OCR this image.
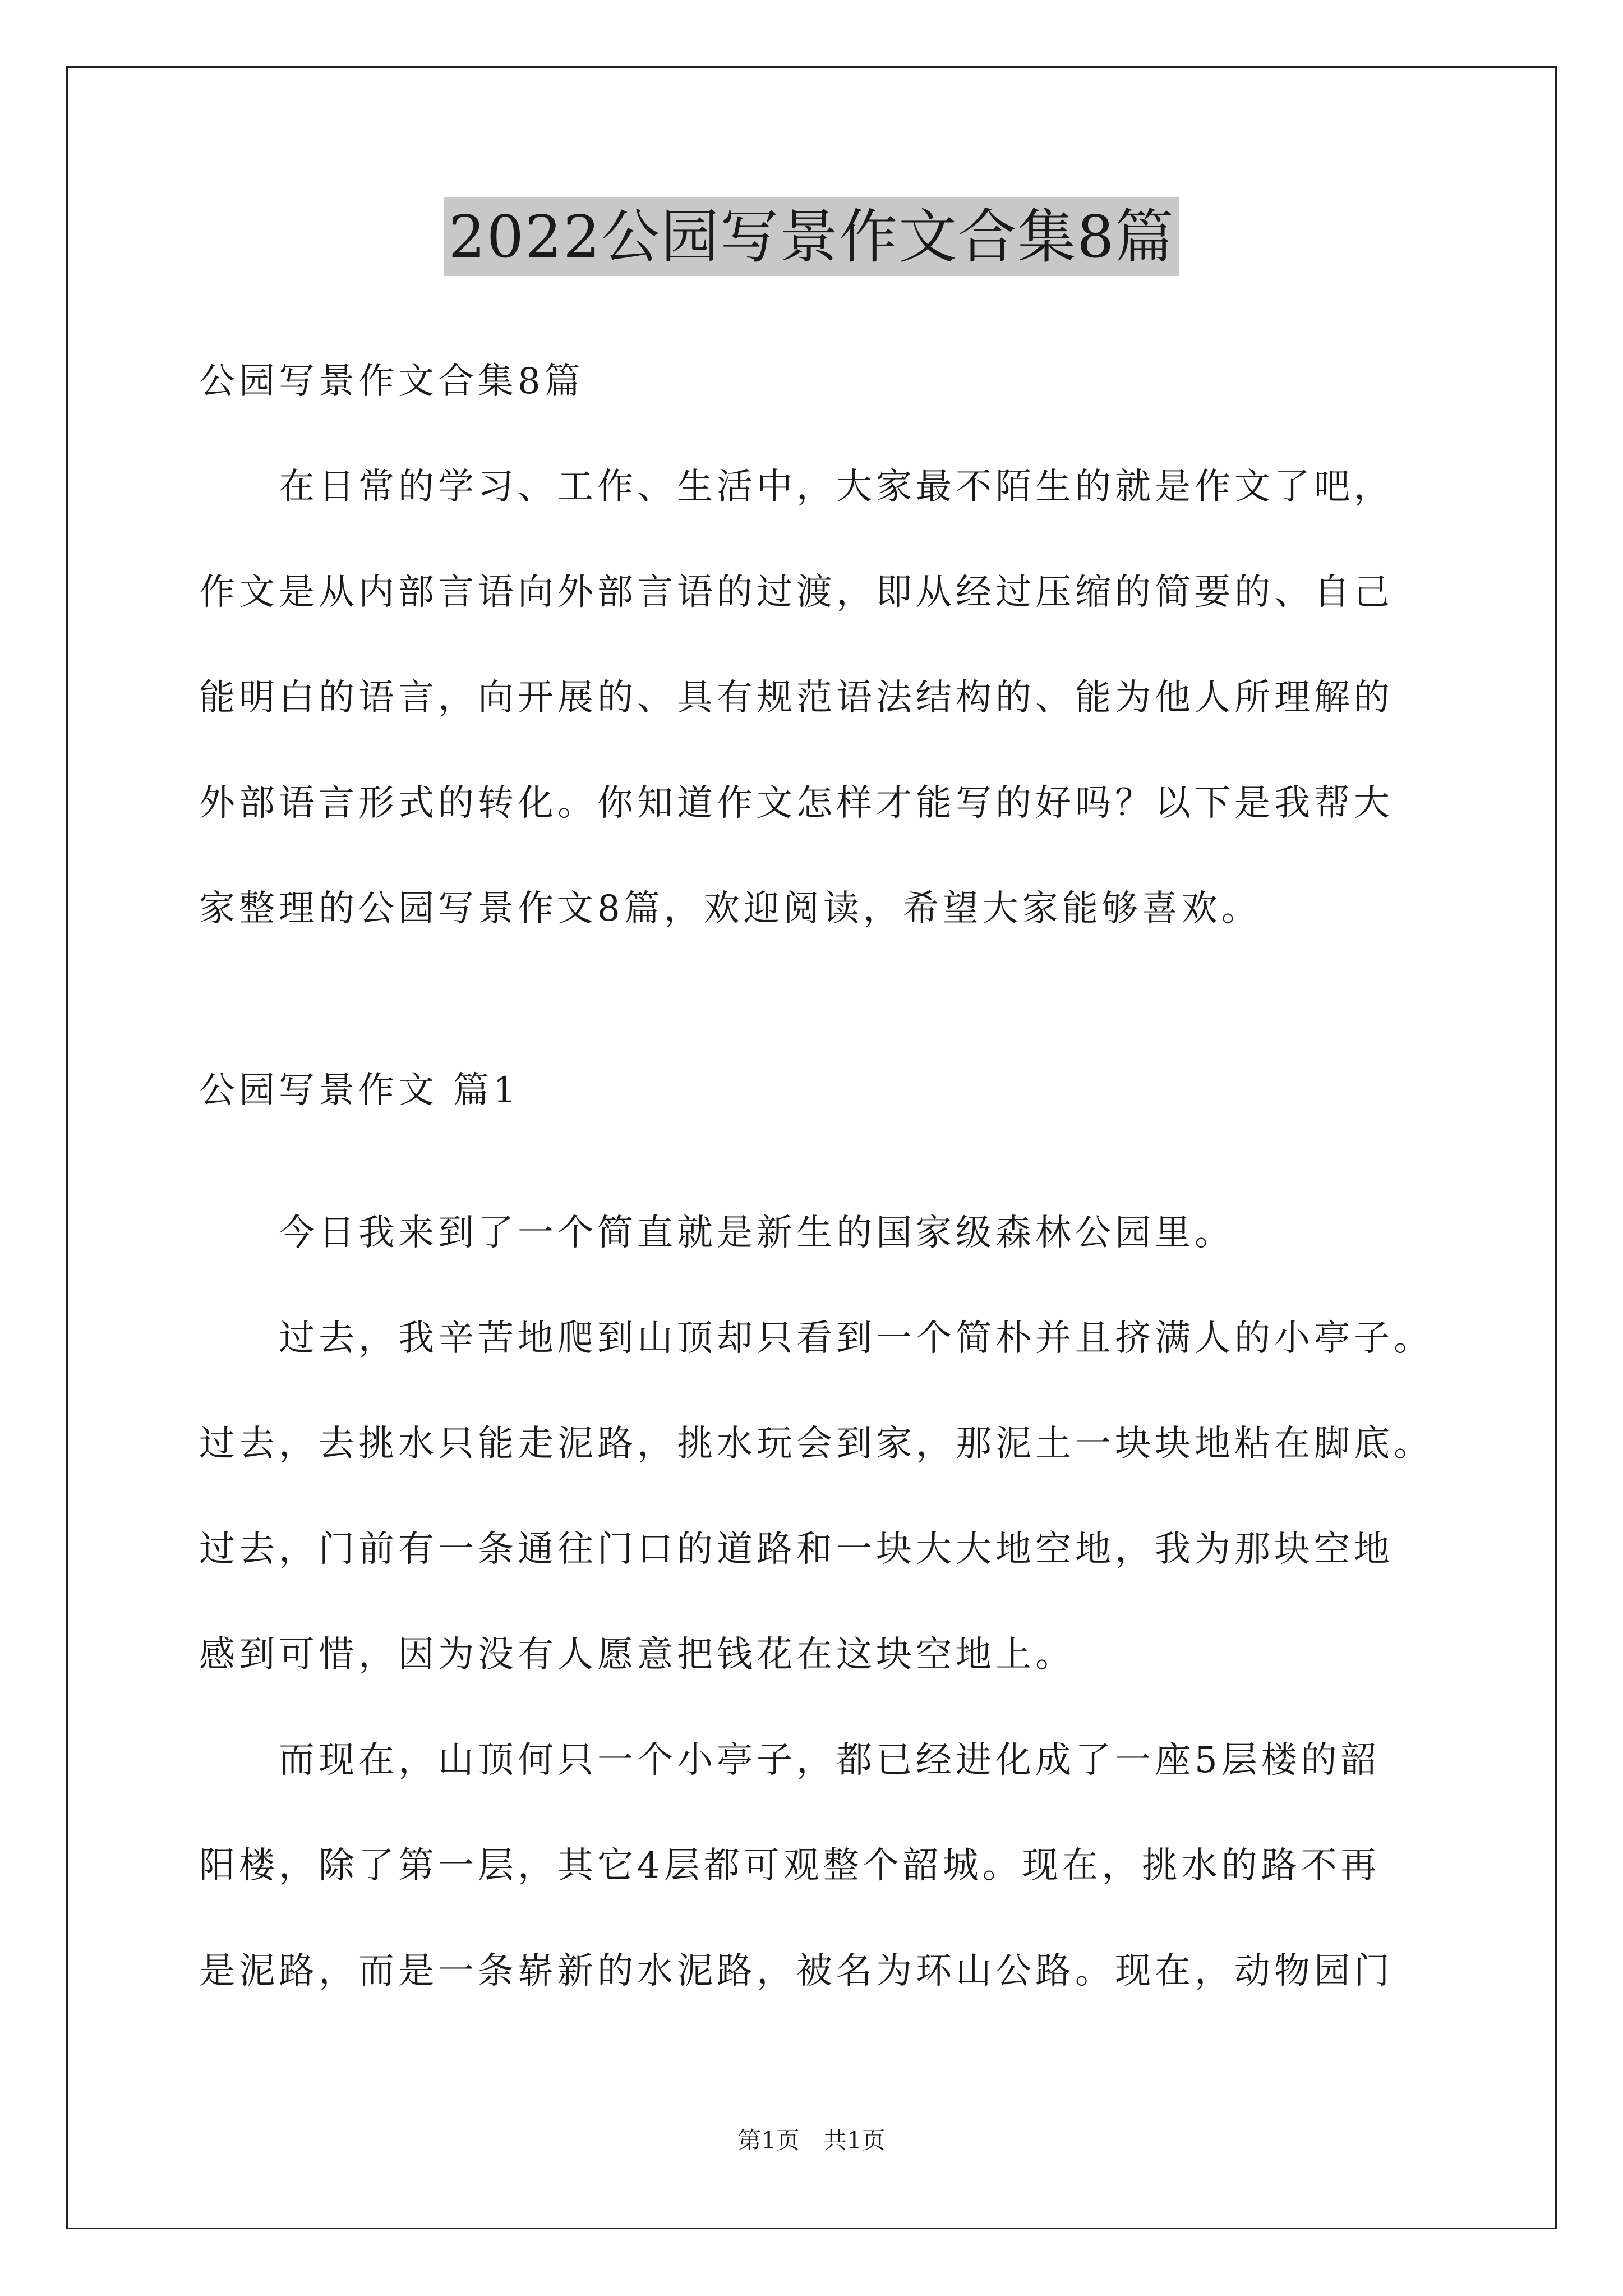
2022公园写景作文合集8篇
公园写景作文合集8篇
　　在日常的学习、工作、生活中，大家最不陌生的就是作文了吧，
作文是从内部言语向外部言语的过渡，即从经过压缩的简要的、自己
能明白的语言，向开展的、具有规范语法结构的、能为他人所理解的
外部语言形式的转化。你知道作文怎样才能写的好吗？以下是我帮大
家整理的公园写景作文8篇，欢迎阅读，希望大家能够喜欢。
公园写景作文 篇1
　　今日我来到了一个简直就是新生的国家级森林公园里。
　　过去，我辛苦地爬到山顶却只看到一个简朴并且挤满人的小亭子。
过去，去挑水只能走泥路，挑水玩会到家，那泥土一块块地粘在脚底。
过去，门前有一条通往门口的道路和一块大大地空地，我为那块空地
感到可惜，因为没有人愿意把钱花在这块空地上。
　　而现在，山顶何只一个小亭子，都已经进化成了一座5层楼的韶
阳楼，除了第一层，其它4层都可观整个韶城。现在，挑水的路不再
是泥路，而是一条崭新的水泥路，被名为环山公路。现在，动物园门
第1页　共1页
